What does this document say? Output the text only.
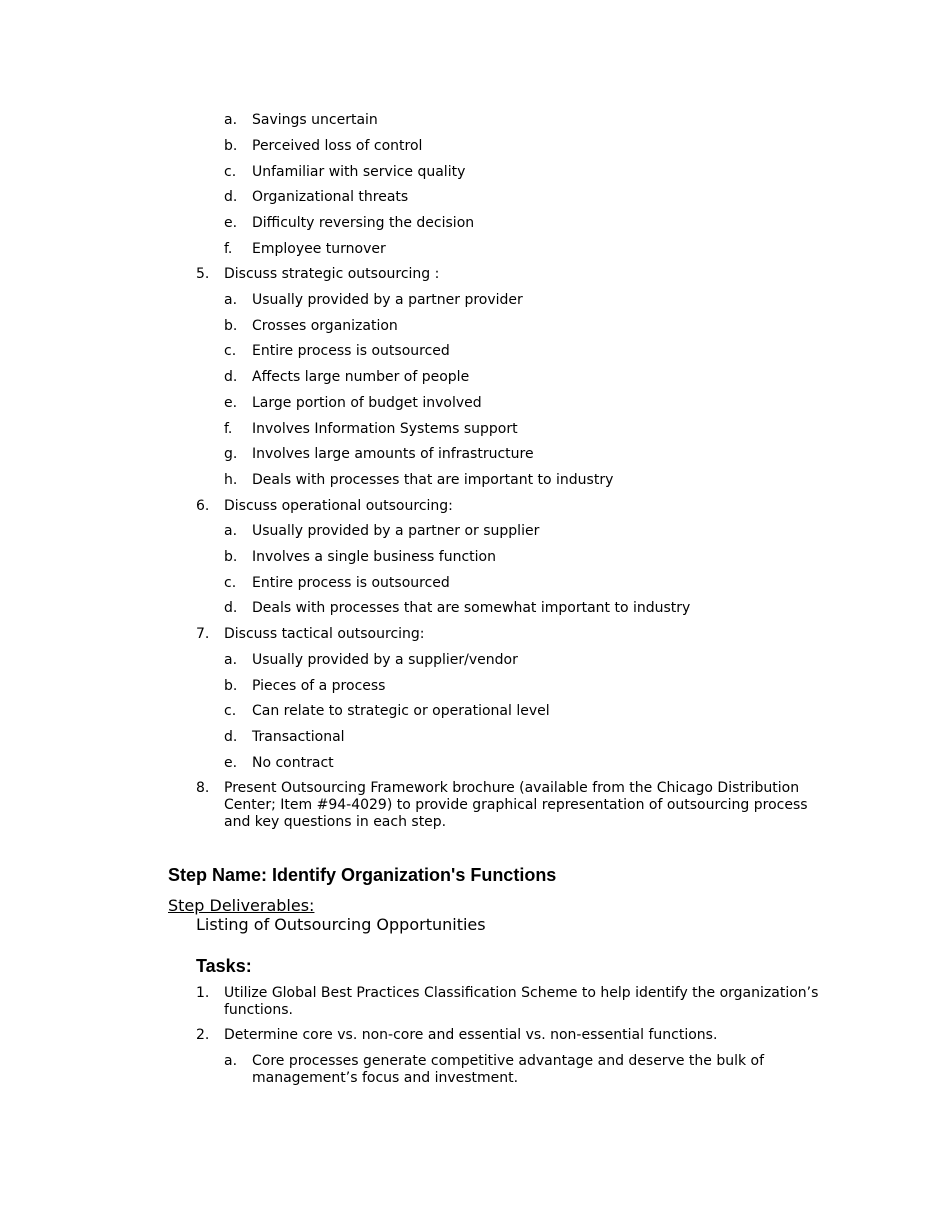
a. Savings uncertain
b. Perceived loss of control
c. Unfamiliar with service quality
d. Organizational threats
e. Difficulty reversing the decision
f. Employee turnover
5. Discuss strategic outsourcing :
a. Usually provided by a partner provider
b. Crosses organization
c. Entire process is outsourced
d. Affects large number of people
e. Large portion of budget involved
f. Involves Information Systems support
g. Involves large amounts of infrastructure
h. Deals with processes that are important to industry
6. Discuss operational outsourcing:
a. Usually provided by a partner or supplier
b. Involves a single business function
c. Entire process is outsourced
d. Deals with processes that are somewhat important to industry
7. Discuss tactical outsourcing:
a. Usually provided by a supplier/vendor
b. Pieces of a process
c. Can relate to strategic or operational level
d. Transactional
e. No contract
8. Present Outsourcing Framework brochure (available from the Chicago Distribution Center; Item #94-4029) to provide graphical representation of outsourcing process and key questions in each step.
Step Name: Identify Organization's Functions
Step Deliverables:
Listing of Outsourcing Opportunities
Tasks:
1. Utilize Global Best Practices Classification Scheme to help identify the organization’s functions.
2. Determine core vs. non-core and essential vs. non-essential functions.
a. Core processes generate competitive advantage and deserve the bulk of management’s focus and investment.
